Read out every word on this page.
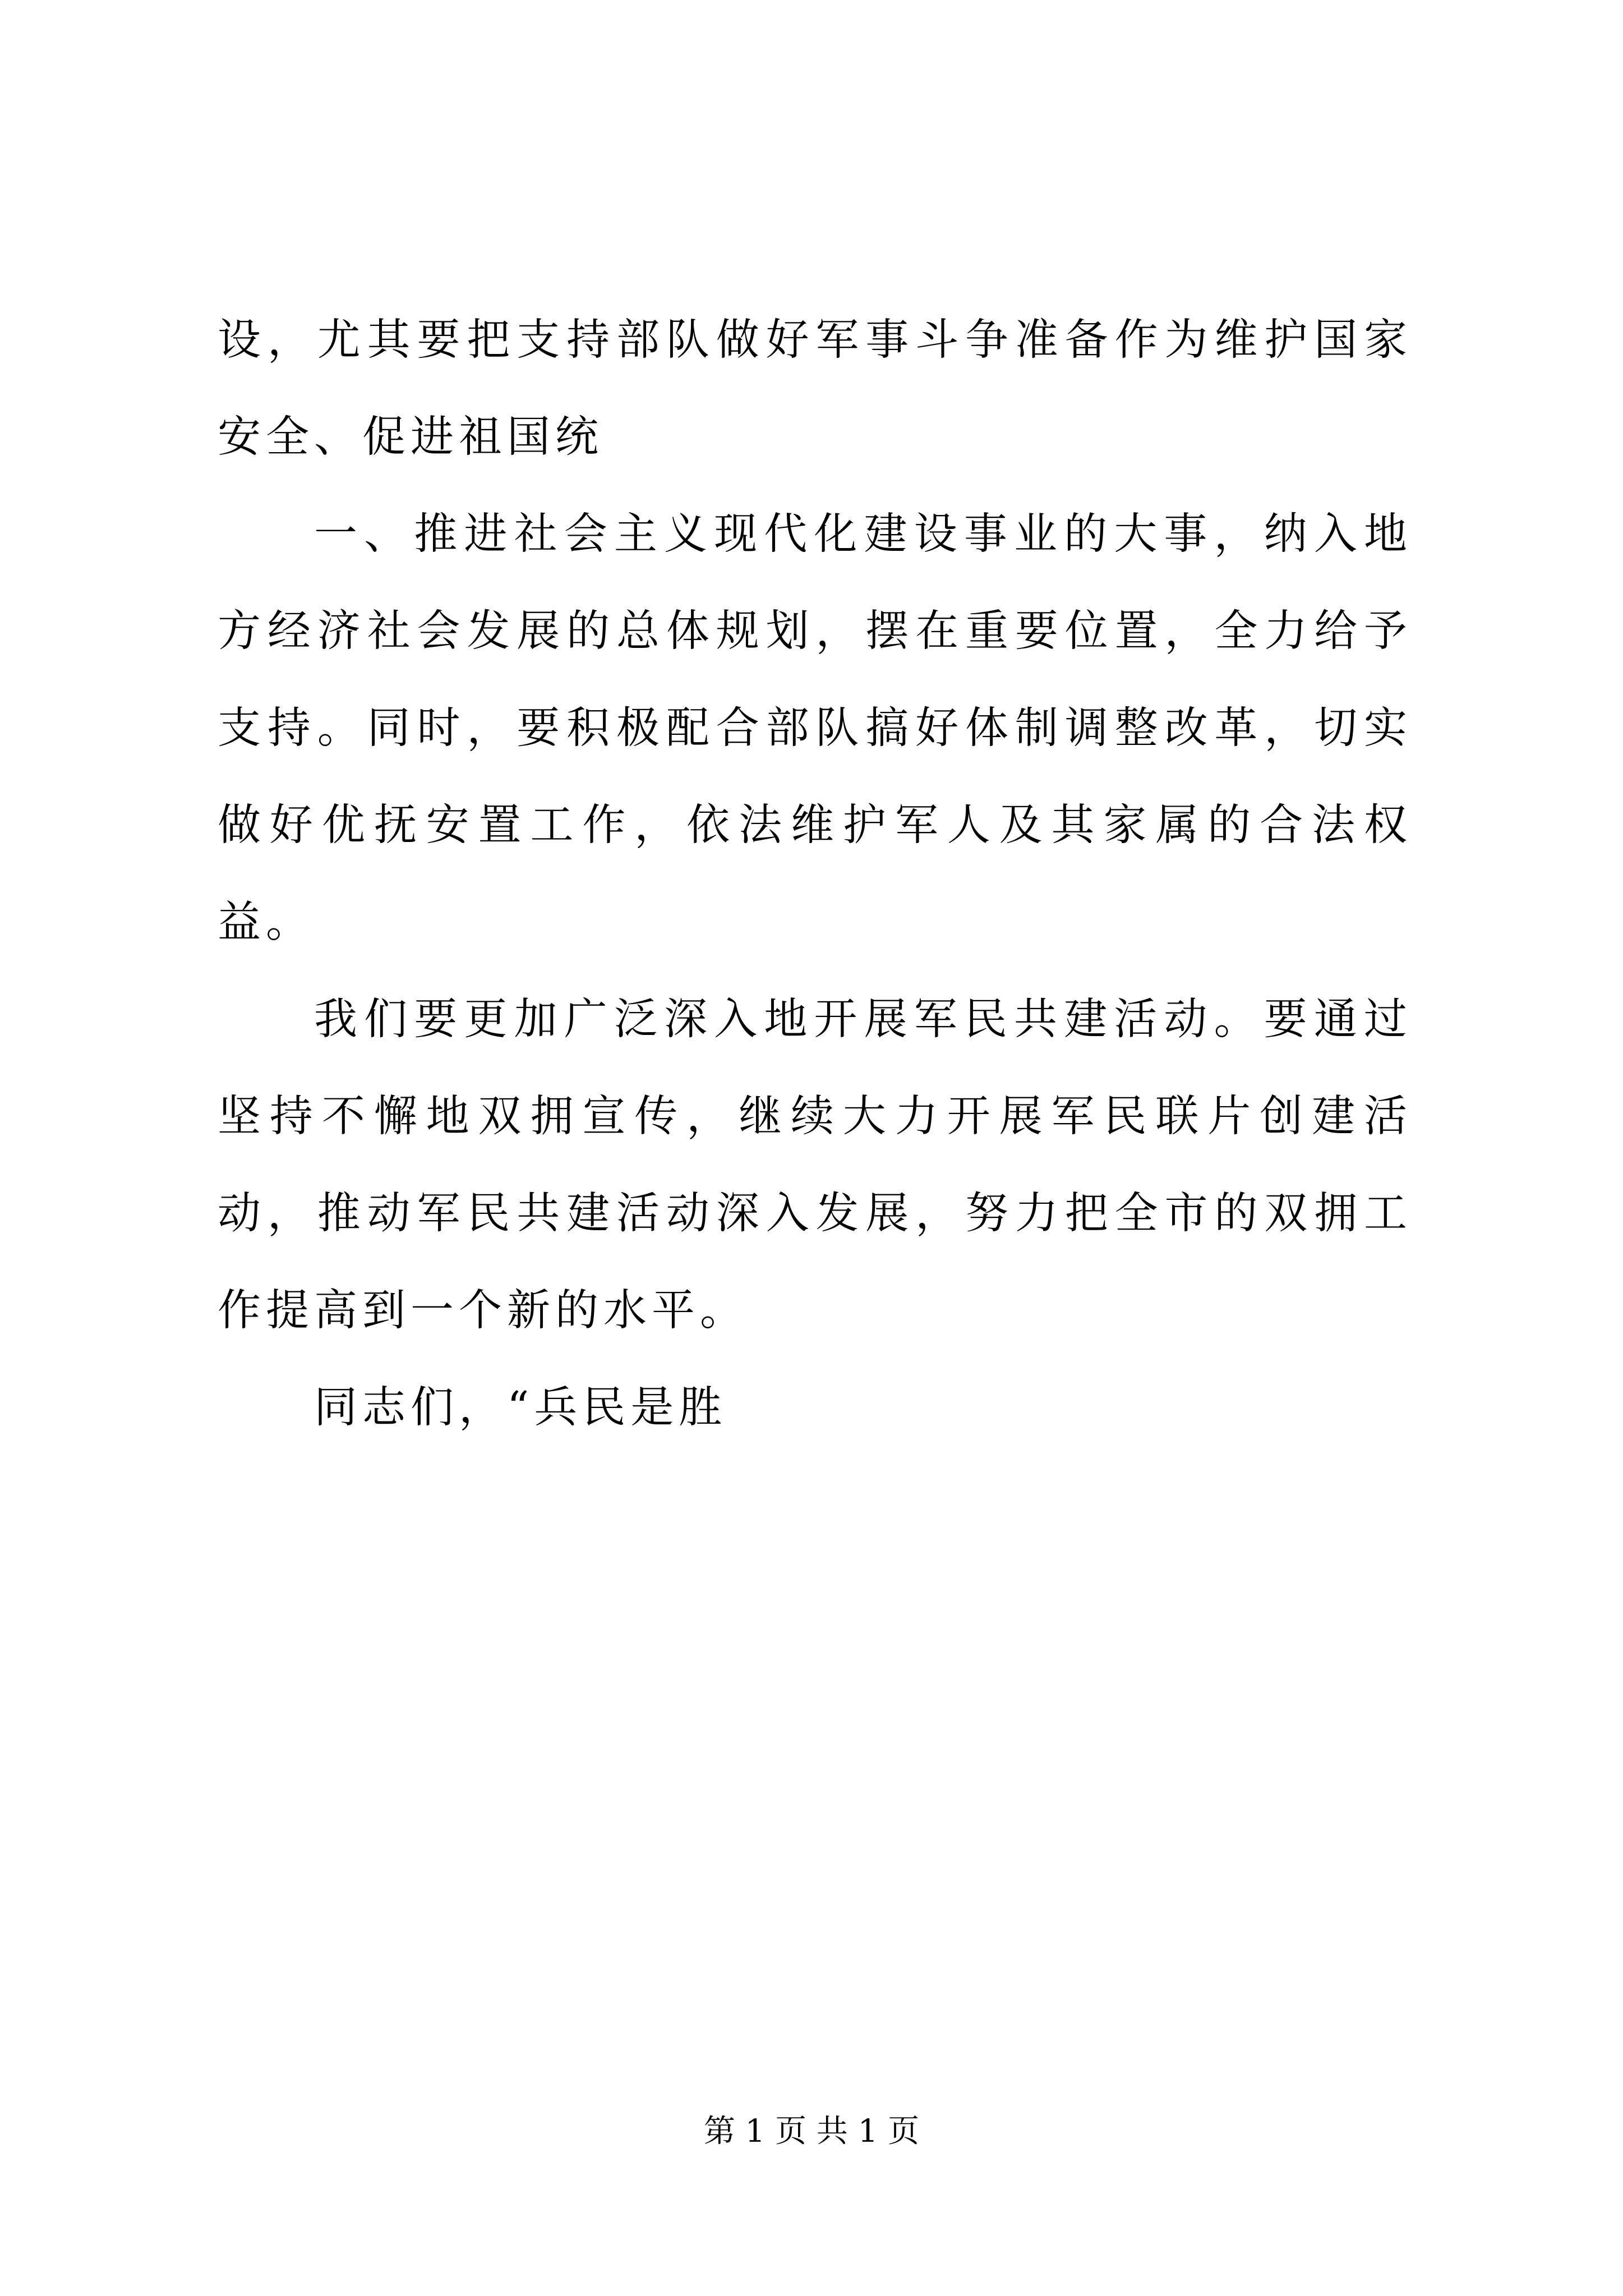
设，尤其要把支持部队做好军事斗争准备作为维护国家安全、促进祖国统

一、推进社会主义现代化建设事业的大事，纳入地方经济社会发展的总体规划，摆在重要位置，全力给予支持。同时，要积极配合部队搞好体制调整改革，切实做好优抚安置工作，依法维护军人及其家属的合法权益。

我们要更加广泛深入地开展军民共建活动。要通过坚持不懈地双拥宣传，继续大力开展军民联片创建活动，推动军民共建活动深入发展，努力把全市的双拥工作提高到一个新的水平。

同志们，“兵民是胜

第 1 页 共 1 页
